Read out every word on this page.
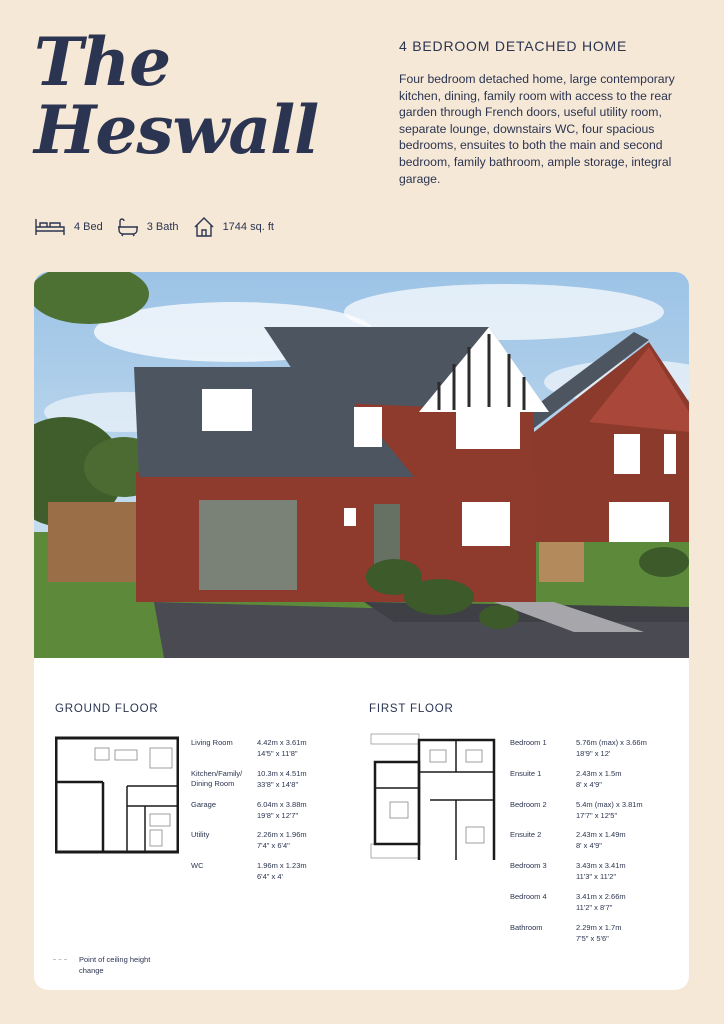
The
Heswall
4 BEDROOM DETACHED HOME

Four bedroom detached home, large contemporary kitchen, dining, family room with access to the rear garden through French doors, useful utility room, separate lounge, downstairs WC, four spacious bedrooms, ensuites to both the main and second bedroom, family bathroom, ample storage, integral garage.

4 Bed	3 Bath	1744 sq. ft
GROUND FLOOR	FIRST FLOOR
Living Room	4.42m x 3.61m
14'5" x 11'8"
Kitchen/Family/
Dining Room
10.3m x 4.51m
33'8" x 14'8"
Garage	6.04m x 3.88m
19'8" x 12'7"
Utility	2.26m x 1.96m
7'4" x 6'4"
WC	1.96m x 1.23m
6'4" x 4'
Bedroom 1	5.76m (max) x 3.66m
18'9" x 12'
Ensuite 1	2.43m x 1.5m
8' x 4'9"
Bedroom 2	5.4m (max) x 3.81m
17'7" x 12'5"
Ensuite 2	2.43m x 1.49m
8' x 4'9"
Bedroom 3	3.43m x 3.41m
11'3" x 11'2"
Bedroom 4	3.41m x 2.66m
11'2" x 8'7"
Bathroom	2.29m x 1.7m
7'5" x 5'6"
Point of ceiling height change
